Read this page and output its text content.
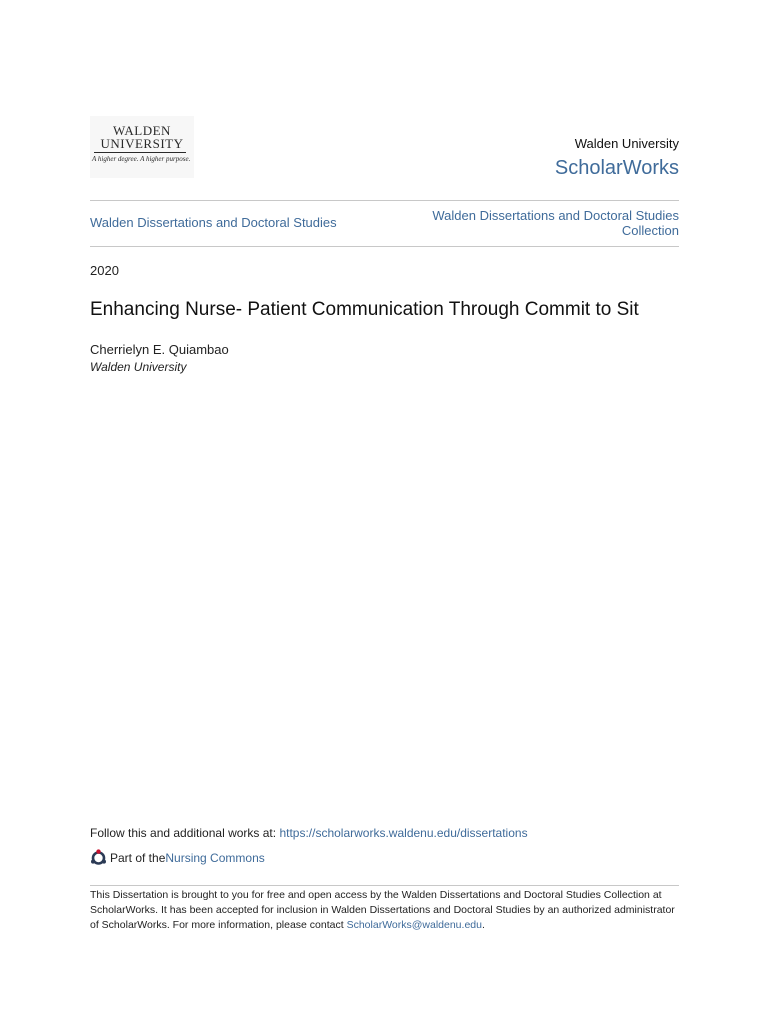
WALDEN
UNIVERSITY
A higher degree. A higher purpose.
Walden University
ScholarWorks
Walden Dissertations and Doctoral Studies	Walden Dissertations and Doctoral Studies Collection
2020
Enhancing Nurse- Patient Communication Through Commit to Sit
Cherrielyn E. Quiambao
Walden University
Follow this and additional works at: https://scholarworks.waldenu.edu/dissertations
Part of the Nursing Commons
This Dissertation is brought to you for free and open access by the Walden Dissertations and Doctoral Studies Collection at ScholarWorks. It has been accepted for inclusion in Walden Dissertations and Doctoral Studies by an authorized administrator of ScholarWorks. For more information, please contact ScholarWorks@waldenu.edu.
